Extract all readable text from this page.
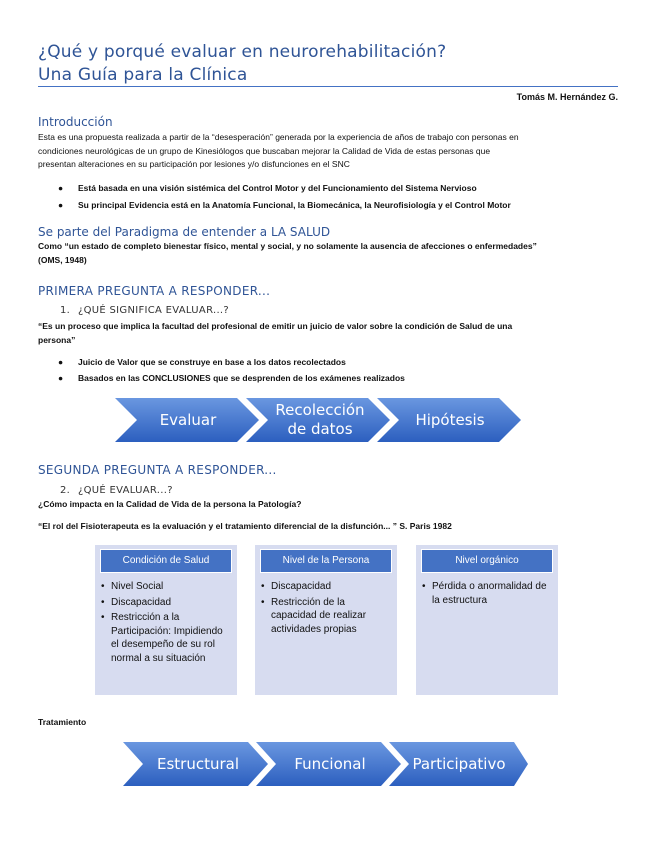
¿Qué y porqué evaluar en neurorehabilitación?
Una Guía para la Clínica
Tomás M. Hernández G.
Introducción
Esta es una propuesta realizada a partir de la “desesperación” generada por la experiencia de años de trabajo con personas en
condiciones neurológicas de un grupo de Kinesiólogos que buscaban mejorar la Calidad de Vida de estas personas que
presentan alteraciones en su participación por lesiones y/o disfunciones en el SNC
● Está basada en una visión sistémica del Control Motor y del Funcionamiento del Sistema Nervioso
● Su principal Evidencia está en la Anatomía Funcional, la Biomecánica, la Neurofisiología y el Control Motor
Se parte del Paradigma de entender a LA SALUD
Como “un estado de completo bienestar físico, mental y social, y no solamente la ausencia de afecciones o enfermedades”
(OMS, 1948)
PRIMERA PREGUNTA A RESPONDER...
1. ¿QUÉ SIGNIFICA EVALUAR...?
“Es un proceso que implica la facultad del profesional de emitir un juicio de valor sobre la condición de Salud de una
persona”
● Juicio de Valor que se construye en base a los datos recolectados
● Basados en las CONCLUSIONES que se desprenden de los exámenes realizados
Evaluar
Recolección
de datos	Hipótesis
SEGUNDA PREGUNTA A RESPONDER...
2. ¿QUÉ EVALUAR...?
¿Cómo impacta en la Calidad de Vida de la persona la Patología?
“El rol del Fisioterapeuta es la evaluación y el tratamiento diferencial de la disfunción... ” S. Paris 1982
Condición de Salud
• Nivel Social
• Discapacidad
• Restricción a la Participación: Impidiendo el desempeño de su rol normal a su situación
Nivel de la Persona
• Discapacidad
• Restricción de la capacidad de realizar actividades propias
Nivel orgánico
• Pérdida o anormalidad de la estructura
Tratamiento
Estructural	Funcional	Participativo
